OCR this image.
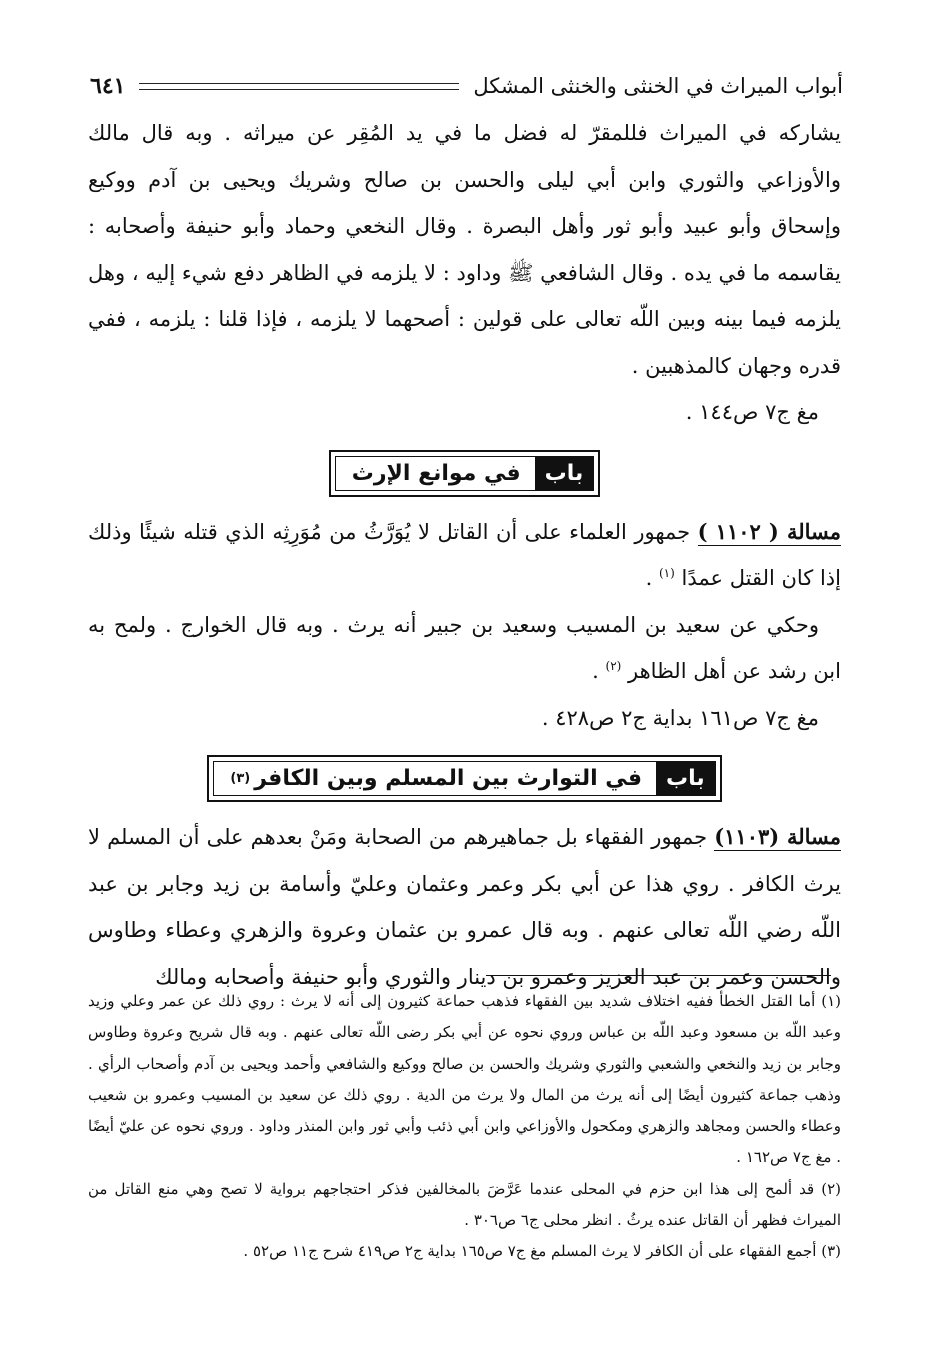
أبواب الميراث في الخنثى والخنثى المشكل
٦٤١

يشاركه في الميراث فللمقرّ له فضل ما في يد المُقِر عن ميراثه . وبه قال مالك والأوزاعي والثوري وابن أبي ليلى والحسن بن صالح وشريك ويحيى بن آدم ووكيع وإسحاق وأبو عبيد وأبو ثور وأهل البصرة . وقال النخعي وحماد وأبو حنيفة وأصحابه : يقاسمه ما في يده . وقال الشافعي ﷺ وداود : لا يلزمه في الظاهر دفع شيء إليه ، وهل يلزمه فيما بينه وبين اللّه تعالى على قولين : أصحهما لا يلزمه ، فإذا قلنا : يلزمه ، ففي قدره وجهان كالمذهبين .

مغ ج٧ ص١٤٤ .

باب
في موانع الإرث

مسالة ( ١١٠٢ ) جمهور العلماء على أن القاتل لا يُوَرَّثُ من مُوَرِثِه الذي قتله شيئًا وذلك إذا كان القتل عمدًا $^{(١)}$ .

وحكي عن سعيد بن المسيب وسعيد بن جبير أنه يرث . وبه قال الخوارج . ولمح به ابن رشد عن أهل الظاهر $^{(٢)}$ .

مغ ج٧ ص١٦١ بداية ج٢ ص٤٢٨ .

باب
في التوارث بين المسلم وبين الكافر
(٣)

مسالة (١١٠٣) جمهور الفقهاء بل جماهيرهم من الصحابة ومَنْ بعدهم على أن المسلم لا يرث الكافر . روي هذا عن أبي بكر وعمر وعثمان وعليّ وأسامة بن زيد وجابر بن عبد اللّه رضي اللّه تعالى عنهم . وبه قال عمرو بن عثمان وعروة والزهري وعطاء وطاوس والحسن وعمر بن عبد العزيز وعمرو بن دينار والثوري وأبو حنيفة وأصحابه ومالك

(١) أما القتل الخطأ ففيه اختلاف شديد بين الفقهاء فذهب حماعة كثيرون إلى أنه لا يرث : روي ذلك عن عمر وعلي وزيد وعبد اللّه بن مسعود وعبد اللّه بن عباس وروي نحوه عن أبي بكر رضى اللّه تعالى عنهم . وبه قال شريح وعروة وطاوس وجابر بن زيد والنخعي والشعبي والثوري وشريك والحسن بن صالح ووكيع والشافعي وأحمد ويحيى بن آدم وأصحاب الرأي . وذهب جماعة كثيرون أيضًا إلى أنه يرث من المال ولا يرث من الدية . روي ذلك عن سعيد بن المسيب وعمرو بن شعيب وعطاء والحسن ومجاهد والزهري ومكحول والأوزاعي وابن أبي ذئب وأبي ثور وابن المنذر وداود . وروي نحوه عن عليّ أيضًا . مغ ج٧ ص١٦٢ .

(٢) قد ألمح إلى هذا ابن حزم في المحلى عندما عَرَّضَ بالمخالفين فذكر احتجاجهم برواية لا تصح وهي منع القاتل من الميراث فظهر أن القاتل عنده يرثُ . انظر محلى ج٦ ص٣٠٦ .

(٣) أجمع الفقهاء على أن الكافر لا يرث المسلم مغ ج٧ ص١٦٥ بداية ج٢ ص٤١٩ شرح ج١١ ص٥٢ .
